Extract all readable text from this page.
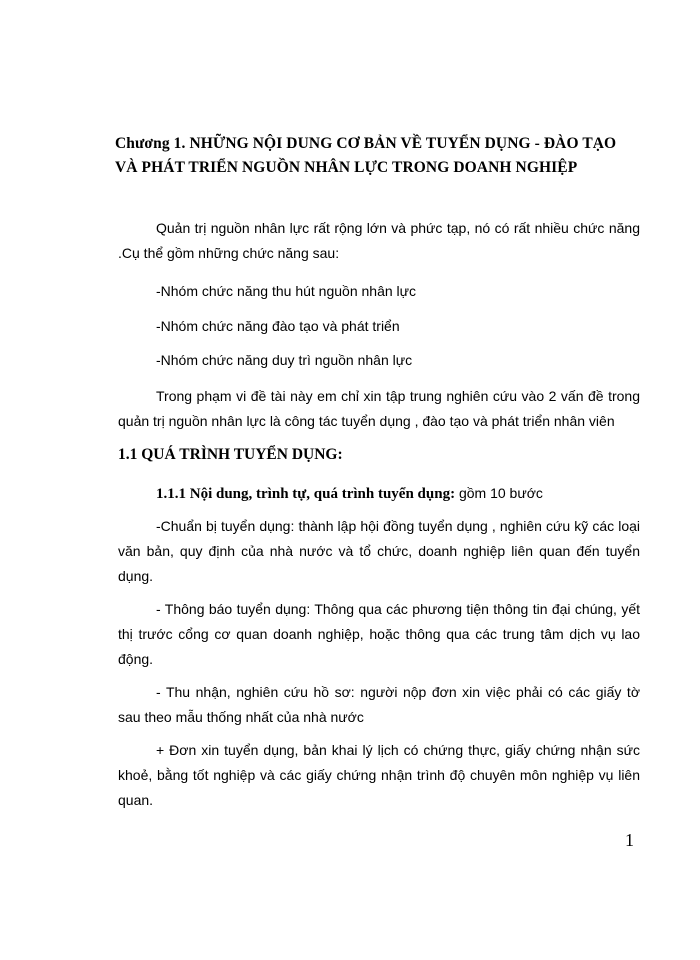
Chương 1. NHỮNG NỘI DUNG CƠ BẢN VỀ TUYỂN DỤNG - ĐÀO TẠO VÀ PHÁT TRIỂN NGUỒN NHÂN LỰC TRONG DOANH NGHIỆP
Quản trị nguồn nhân lực rất rộng lớn và phức tạp, nó có rất nhiều chức năng .Cụ thể gồm những chức năng sau:
-Nhóm chức năng thu hút nguồn nhân lực
-Nhóm chức năng đào tạo và phát triển
-Nhóm chức năng duy trì nguồn nhân lực
Trong phạm vi đề tài này em chỉ xin tập trung nghiên cứu vào 2 vấn đề trong quản trị nguồn nhân lực là công tác tuyển dụng , đào tạo và phát triển nhân viên
1.1 QUÁ TRÌNH TUYỂN DỤNG:
1.1.1 Nội dung, trình tự, quá trình tuyển dụng: gồm 10 bước
-Chuẩn bị tuyển dụng: thành lập hội đồng tuyển dụng , nghiên cứu kỹ các loại văn bản, quy định của nhà nước và tổ chức, doanh nghiệp liên quan đến tuyển dụng.
- Thông báo tuyển dụng: Thông qua các phương tiện thông tin đại chúng, yết thị trước cổng cơ quan doanh nghiệp, hoặc thông qua các trung tâm dịch vụ lao động.
- Thu nhận, nghiên cứu hồ sơ: người nộp đơn xin việc phải có các giấy tờ sau theo mẫu thống nhất của nhà nước
+ Đơn xin tuyển dụng, bản khai lý lịch có chứng thực, giấy chứng nhận sức khoẻ, bằng tốt nghiệp và các giấy chứng nhận trình độ chuyên môn nghiệp vụ liên quan.
1
